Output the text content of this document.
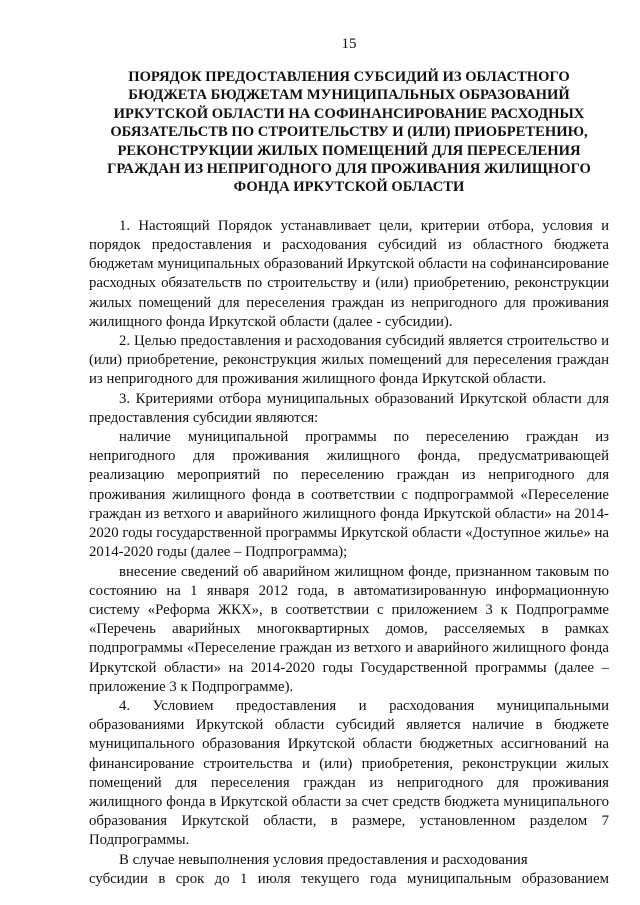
15
ПОРЯДОК ПРЕДОСТАВЛЕНИЯ СУБСИДИЙ ИЗ ОБЛАСТНОГО
БЮДЖЕТА БЮДЖЕТАМ МУНИЦИПАЛЬНЫХ ОБРАЗОВАНИЙ
ИРКУТСКОЙ ОБЛАСТИ НА СОФИНАНСИРОВАНИЕ РАСХОДНЫХ
ОБЯЗАТЕЛЬСТВ ПО СТРОИТЕЛЬСТВУ И (ИЛИ) ПРИОБРЕТЕНИЮ,
РЕКОНСТРУКЦИИ ЖИЛЫХ ПОМЕЩЕНИЙ ДЛЯ ПЕРЕСЕЛЕНИЯ
ГРАЖДАН ИЗ НЕПРИГОДНОГО ДЛЯ ПРОЖИВАНИЯ ЖИЛИЩНОГО
ФОНДА ИРКУТСКОЙ ОБЛАСТИ

1. Настоящий Порядок устанавливает цели, критерии отбора, условия и порядок предоставления и расходования субсидий из областного бюджета бюджетам муниципальных образований Иркутской области на софинансирование расходных обязательств по строительству и (или) приобретению, реконструкции жилых помещений для переселения граждан из непригодного для проживания жилищного фонда Иркутской области (далее - субсидии).

2. Целью предоставления и расходования субсидий является строительство и (или) приобретение, реконструкция жилых помещений для переселения граждан из непригодного для проживания жилищного фонда Иркутской области.

3. Критериями отбора муниципальных образований Иркутской области для предоставления субсидии являются:

наличие муниципальной программы по переселению граждан из непригодного для проживания жилищного фонда, предусматривающей реализацию мероприятий по переселению граждан из непригодного для проживания жилищного фонда в соответствии с подпрограммой «Переселение граждан из ветхого и аварийного жилищного фонда Иркутской области» на 2014-2020 годы государственной программы Иркутской области «Доступное жилье» на 2014-2020 годы (далее – Подпрограмма);

внесение сведений об аварийном жилищном фонде, признанном таковым по состоянию на 1 января 2012 года, в автоматизированную информационную систему «Реформа ЖКХ», в соответствии с приложением 3 к Подпрограмме «Перечень аварийных многоквартирных домов, расселяемых в рамках подпрограммы «Переселение граждан из ветхого и аварийного жилищного фонда Иркутской области» на 2014-2020 годы Государственной программы (далее – приложение 3 к Подпрограмме).

4. Условием предоставления и расходования муниципальными образованиями Иркутской области субсидий является наличие в бюджете муниципального образования Иркутской области бюджетных ассигнований на финансирование строительства и (или) приобретения, реконструкции жилых помещений для переселения граждан из непригодного для проживания жилищного фонда в Иркутской области за счет средств бюджета муниципального образования Иркутской области, в размере, установленном разделом 7 Подпрограммы.

В случае невыполнения условия предоставления и расходования

субсидии в срок до 1 июля текущего года муниципальным образованием
